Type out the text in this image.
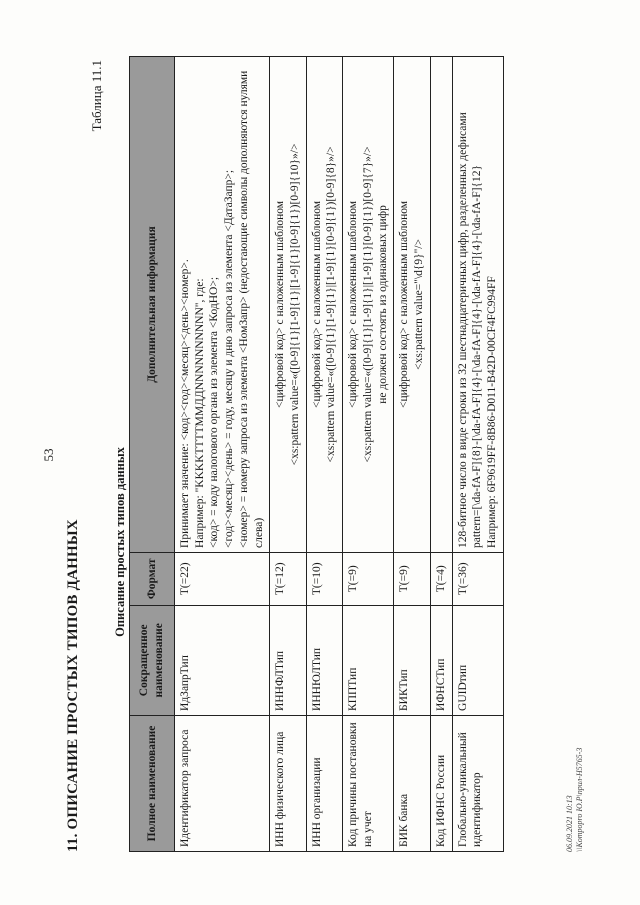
53
11. ОПИСАНИЕ ПРОСТЫХ ТИПОВ ДАННЫХ
Таблица 11.1
Описание простых типов данных
Полное наименование	Сокращенное наименование	Формат	Дополнительная информация
Идентификатор запроса	ИдЗапрТип	T(=22)	Принимает значение: <код><год><месяц><день><номер>. Например: "KKKKTTTTMMДДNNNNNNNNNN", где: <код> = коду налогового органа из элемента <КодНО>; <год><месяц><день> = году, месяцу и дню запроса из элемента <ДатаЗапр>; <номер> = номеру запроса из элемента <НомЗапр> (недостающие символы дополняются нулями слева)

ИНН физического лица	ИННФЛТип	T(=12)	<цифровой код> с наложенным шаблоном <xs:pattern value=«([0-9]{1}[1-9]{1}|[1-9]{1}[0-9]{1})[0-9]{10}»/>

ИНН организации	ИННЮЛТип	T(=10)	<цифровой код> с наложенным шаблоном <xs:pattern value=«([0-9]{1}[1-9]{1}|[1-9]{1}[0-9]{1})[0-9]{8}»/>

Код причины постановки на учет	КППТип	T(=9)	<цифровой код> с наложенным шаблоном <xs:pattern value=«([0-9]{1}[1-9]{1}|[1-9]{1}[0-9]{1})[0-9]{7}»/> не должен состоять из одинаковых цифр

БИК банка	БИКТип	T(=9)	<цифровой код> с наложенным шаблоном <xs:pattern value="\d{9}"/>

Код ИФНС России	ИФНСТип	T(=4)	
Глобально-уникальный идентификатор	GUIDтип	T(=36)	128-битное число в виде строки из 32 шестнадцатеричных цифр, разделенных дефисами pattern=[\da-fA-F]{8}-[\da-fA-F]{4}-[\da-fA-F]{4}-[\da-fA-F]{4}-[\da-fA-F]{12} Например: 6F9619FF-8B86-D011-B42D-00CF4FC994FF
06.09.2021 10:13 \\Kompopro Ю.Р\прил-Н5765-3
